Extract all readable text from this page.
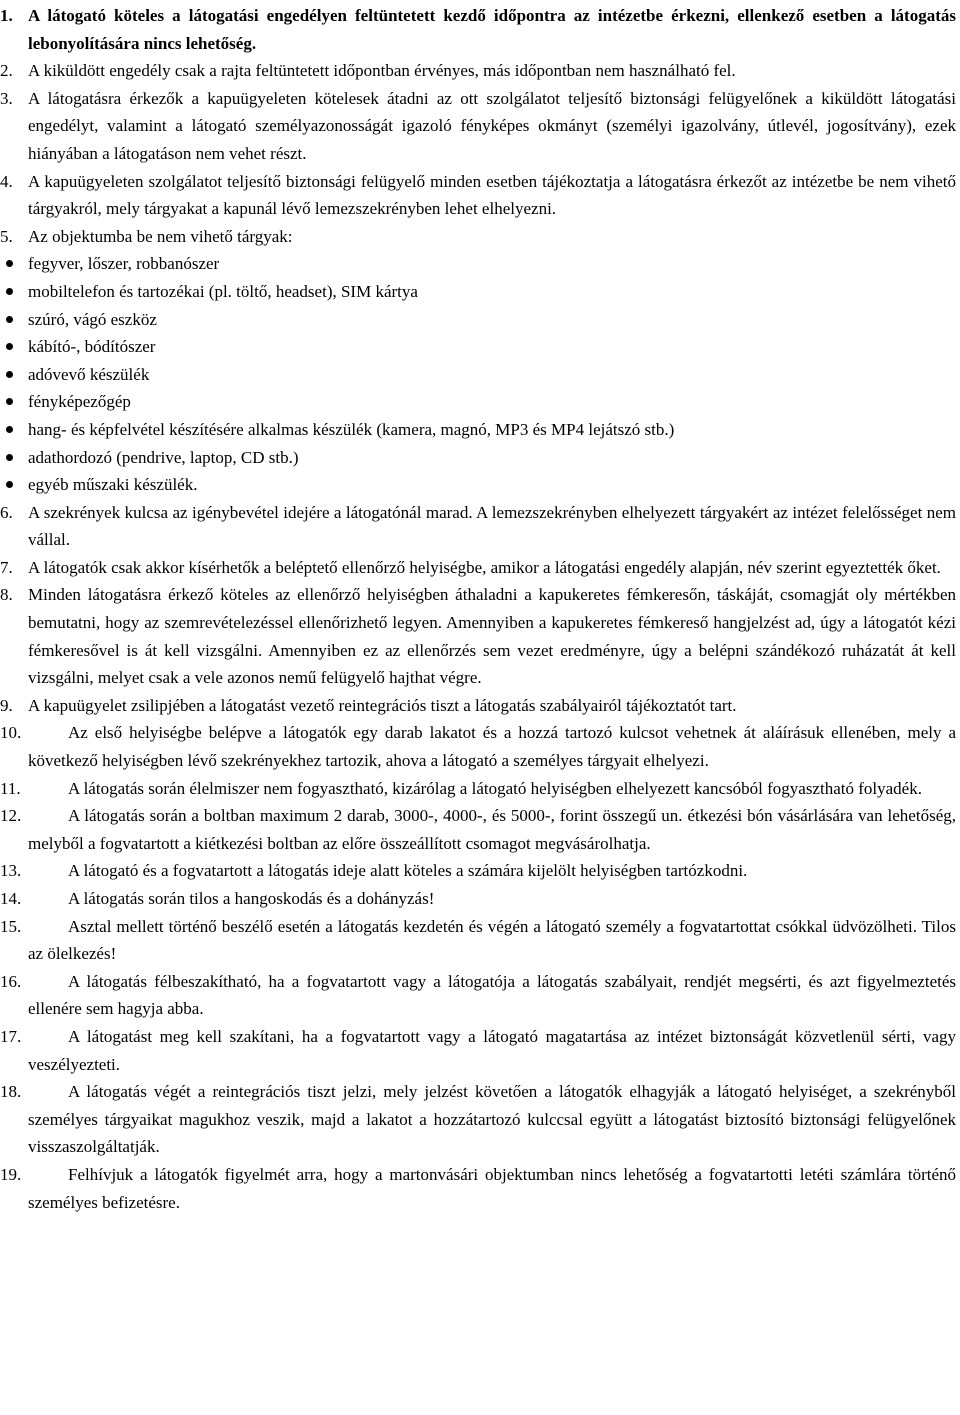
1. A látogató köteles a látogatási engedélyen feltüntetett kezdő időpontra az intézetbe érkezni, ellenkező esetben a látogatás lebonyolítására nincs lehetőség.
2. A kiküldött engedély csak a rajta feltüntetett időpontban érvényes, más időpontban nem használható fel.
3. A látogatásra érkezők a kapuügyeleten kötelesek átadni az ott szolgálatot teljesítő biztonsági felügyelőnek a kiküldött látogatási engedélyt, valamint a látogató személyazonosságát igazoló fényképes okmányt (személyi igazolvány, útlevél, jogosítvány), ezek hiányában a látogatáson nem vehet részt.
4. A kapuügyeleten szolgálatot teljesítő biztonsági felügyelő minden esetben tájékoztatja a látogatásra érkezőt az intézetbe be nem vihető tárgyakról, mely tárgyakat a kapunál lévő lemezszekrényben lehet elhelyezni.
5. Az objektumba be nem vihető tárgyak:
fegyver, lőszer, robbanószer
mobiltelefon és tartozékai (pl. töltő, headset), SIM kártya
szúró, vágó eszköz
kábító-, bódítószer
adóvevő készülék
fényképezőgép
hang- és képfelvétel készítésére alkalmas készülék (kamera, magnó, MP3 és MP4 lejátszó stb.)
adathordozó (pendrive, laptop, CD stb.)
egyéb műszaki készülék.
6. A szekrények kulcsa az igénybevétel idejére a látogatónál marad. A lemezszekrényben elhelyezett tárgyakért az intézet felelősséget nem vállal.
7. A látogatók csak akkor kísérhetők a beléptető ellenőrző helyiségbe, amikor a látogatási engedély alapján, név szerint egyeztették őket.
8. Minden látogatásra érkező köteles az ellenőrző helyiségben áthaladni a kapukeretes fémkeresőn, táskáját, csomagját oly mértékben bemutatni, hogy az szemrevételezéssel ellenőrizhető legyen. Amennyiben a kapukeretes fémkereső hangjelzést ad, úgy a látogatót kézi fémkeresővel is át kell vizsgálni. Amennyiben ez az ellenőrzés sem vezet eredményre, úgy a belépni szándékozó ruházatát át kell vizsgálni, melyet csak a vele azonos nemű felügyelő hajthat végre.
9. A kapuügyelet zsilipjében a látogatást vezető reintegrációs tiszt a látogatás szabályairól tájékoztatót tart.
10.	Az első helyiségbe belépve a látogatók egy darab lakatot és a hozzá tartozó kulcsot vehetnek át aláírásuk ellenében, mely a következő helyiségben lévő szekrényekhez tartozik, ahova a látogató a személyes tárgyait elhelyezi.
11.	A látogatás során élelmiszer nem fogyasztható, kizárólag a látogató helyiségben elhelyezett kancsóból fogyasztható folyadék.
12.	A látogatás során a boltban maximum 2 darab, 3000-, 4000-, és 5000-, forint összegű un. étkezési bón vásárlására van lehetőség, melyből a fogvatartott a kiétkezési boltban az előre összeállított csomagot megvásárolhatja.
13.	A látogató és a fogvatartott a látogatás ideje alatt köteles a számára kijelölt helyiségben tartózkodni.
14.	A látogatás során tilos a hangoskodás és a dohányzás!
15.	Asztal mellett történő beszélő esetén a látogatás kezdetén és végén a látogató személy a fogvatartottat csókkal üdvözölheti. Tilos az ölelkezés!
16.	A látogatás félbeszakítható, ha a fogvatartott vagy a látogatója a látogatás szabályait, rendjét megsérti, és azt figyelmeztetés ellenére sem hagyja abba.
17.	A látogatást meg kell szakítani, ha a fogvatartott vagy a látogató magatartása az intézet biztonságát közvetlenül sérti, vagy veszélyezteti.
18.	A látogatás végét a reintegrációs tiszt jelzi, mely jelzést követően a látogatók elhagyják a látogató helyiséget, a szekrényből személyes tárgyaikat magukhoz veszik, majd a lakatot a hozzátartozó kulccsal együtt a látogatást biztosító biztonsági felügyelőnek visszaszolgáltatják.
19.	Felhívjuk a látogatók figyelmét arra, hogy a martonvásári objektumban nincs lehetőség a fogvatartotti letéti számlára történő személyes befizetésre.
